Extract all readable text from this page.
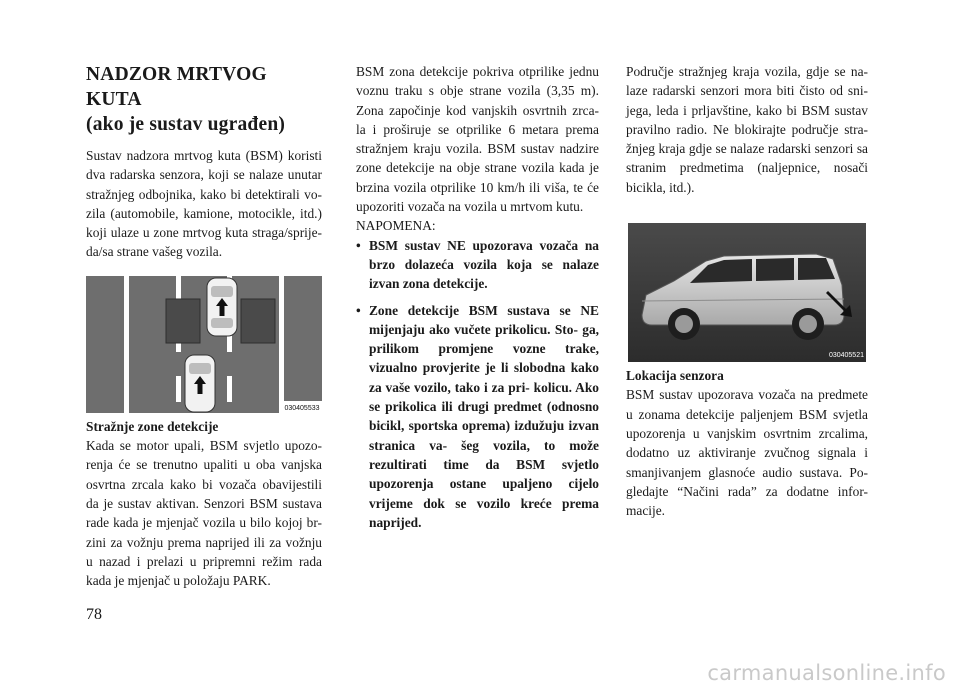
NADZOR MRTVOG KUTA
(ako je sustav ugrađen)

Sustav nadzora mrtvog kuta (BSM) koristi dva radarska senzora, koji se nalaze unutar stražnjeg odbojnika, kako bi detektirali vo- zila (automobile, kamione, motocikle, itd.) koji ulaze u zone mrtvog kuta straga/sprije- da/sa strane vašeg vozila.

030405533

Stražnje zone detekcije

Kada se motor upali, BSM svjetlo upozo- renja će se trenutno upaliti u oba vanjska osvrtna zrcala kako bi vozača obavijestili da je sustav aktivan. Senzori BSM sustava rade kada je mjenjač vozila u bilo kojoj br- zini za vožnju prema naprijed ili za vožnju u nazad i prelazi u pripremni režim rada kada je mjenjač u položaju PARK.

BSM zona detekcije pokriva otprilike jednu voznu traku s obje strane vozila (3,35 m). Zona započinje kod vanjskih osvrtnih zrca- la i proširuje se otprilike 6 metara prema stražnjem kraju vozila. BSM sustav nadzire zone detekcije na obje strane vozila kada je brzina vozila otprilike 10 km/h ili viša, te će upozoriti vozača na vozila u mrtvom kutu.

NAPOMENA:

• BSM sustav NE upozorava vozača na brzo dolazeća vozila koja se nalaze izvan zona detekcije.
• Zone detekcije BSM sustava se NE mijenjaju ako vučete prikolicu. Sto- ga, prilikom promjene vozne trake, vizualno provjerite je li slobodna kako za vaše vozilo, tako i za pri- kolicu. Ako se prikolica ili drugi predmet (odnosno bicikl, sportska oprema) izdužuju izvan stranica va- šeg vozila, to može rezultirati time da BSM svjetlo upozorenja ostane upaljeno cijelo vrijeme dok se vozilo kreće prema naprijed.

Područje stražnjeg kraja vozila, gdje se na- laze radarski senzori mora biti čisto od sni- jega, leda i prljavštine, kako bi BSM sustav pravilno radio. Ne blokirajte područje stra- žnjeg kraja gdje se nalaze radarski senzori sa stranim predmetima (naljepnice, nosači bicikla, itd.).

030405521

Lokacija senzora

BSM sustav upozorava vozača na predmete u zonama detekcije paljenjem BSM svjetla upozorenja u vanjskim osvrtnim zrcalima, dodatno uz aktiviranje zvučnog signala i smanjivanjem glasnoće audio sustava. Po- gledajte “Načini rada” za dodatne infor- macije.

78
carmanualsonline.info
